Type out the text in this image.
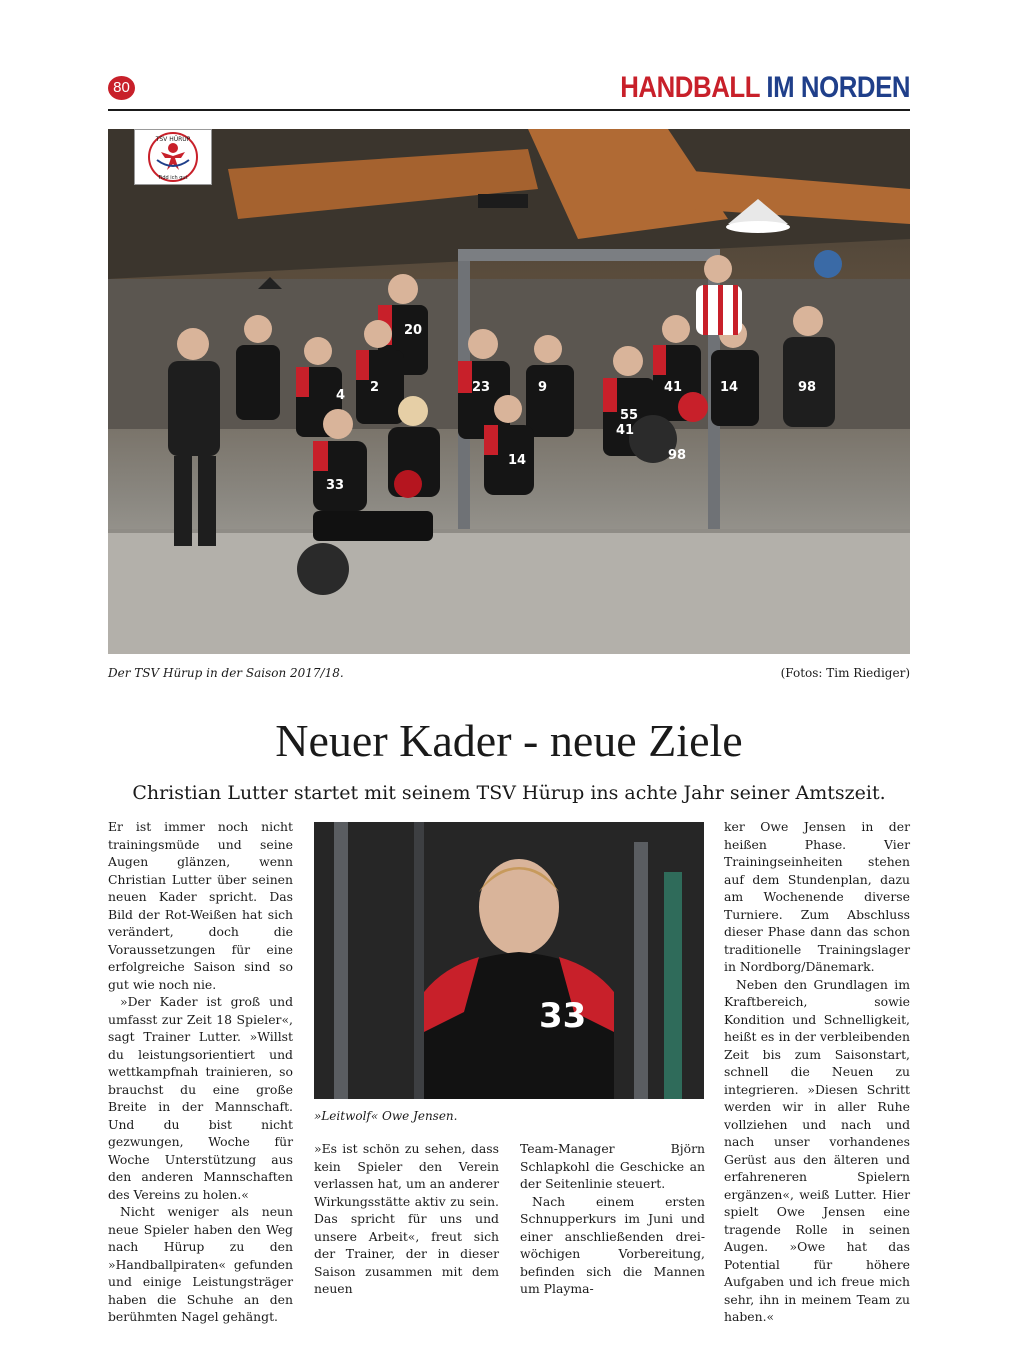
80	HANDBALL IM NORDEN
4
20
2	23	9
55
41	14	98
33
14
41
98
TSV HÜRUP
Fidd ich gut
Der TSV Hürup in der Saison 2017/18.	(Fotos: Tim Riediger)
Neuer Kader - neue Ziele
Christian Lutter startet mit seinem TSV Hürup ins achte Jahr seiner Amtszeit.

Er ist immer noch nicht trainingsmüde und seine Augen glänzen, wenn Christian Lutter über seinen neuen Kader spricht. Das Bild der Rot-Weißen hat sich verändert, doch die Voraussetzungen für eine erfolgreiche Saison sind so gut wie noch nie.

»Der Kader ist groß und umfasst zur Zeit 18 Spieler«, sagt Trainer Lutter. »Willst du leistungsorientiert und wettkampfnah trainieren, so brauchst du eine große Breite in der Mannschaft. Und du bist nicht gezwungen, Woche für Woche Unterstützung aus den anderen Mannschaften des Vereins zu holen.«

Nicht weniger als neun neue Spieler haben den Weg nach Hürup zu den »Handballpiraten« gefunden und einige Leistungsträger haben die Schuhe an den berühmten Nagel gehängt.

33
»Leitwolf« Owe Jensen.

»Es ist schön zu sehen, dass kein Spieler den Verein verlassen hat, um an anderer Wirkungsstätte aktiv zu sein. Das spricht für uns und unsere Arbeit«, freut sich der Trainer, der in dieser Saison zusammen mit dem neuen

Team-Manager Björn Schlapkohl die Geschicke an der Seitenlinie steuert.

Nach einem ersten Schnupperkurs im Juni und einer anschließenden drei-wöchigen Vorbereitung, befinden sich die Mannen um Playma-

ker Owe Jensen in der heißen Phase. Vier Trainingseinheiten stehen auf dem Stundenplan, dazu am Wochenende diverse Turniere. Zum Abschluss dieser Phase dann das schon traditionelle Trainingslager in Nordborg/Dänemark.

Neben den Grundlagen im Kraftbereich, sowie Kondition und Schnelligkeit, heißt es in der verbleibenden Zeit bis zum Saisonstart, schnell die Neuen zu integrieren. »Diesen Schritt werden wir in aller Ruhe vollziehen und nach und nach unser vorhandenes Gerüst aus den älteren und erfahreneren Spielern ergänzen«, weiß Lutter. Hier spielt Owe Jensen eine tragende Rolle in seinen Augen. »Owe hat das Potential für höhere Aufgaben und ich freue mich sehr, ihn in meinem Team zu haben.«
